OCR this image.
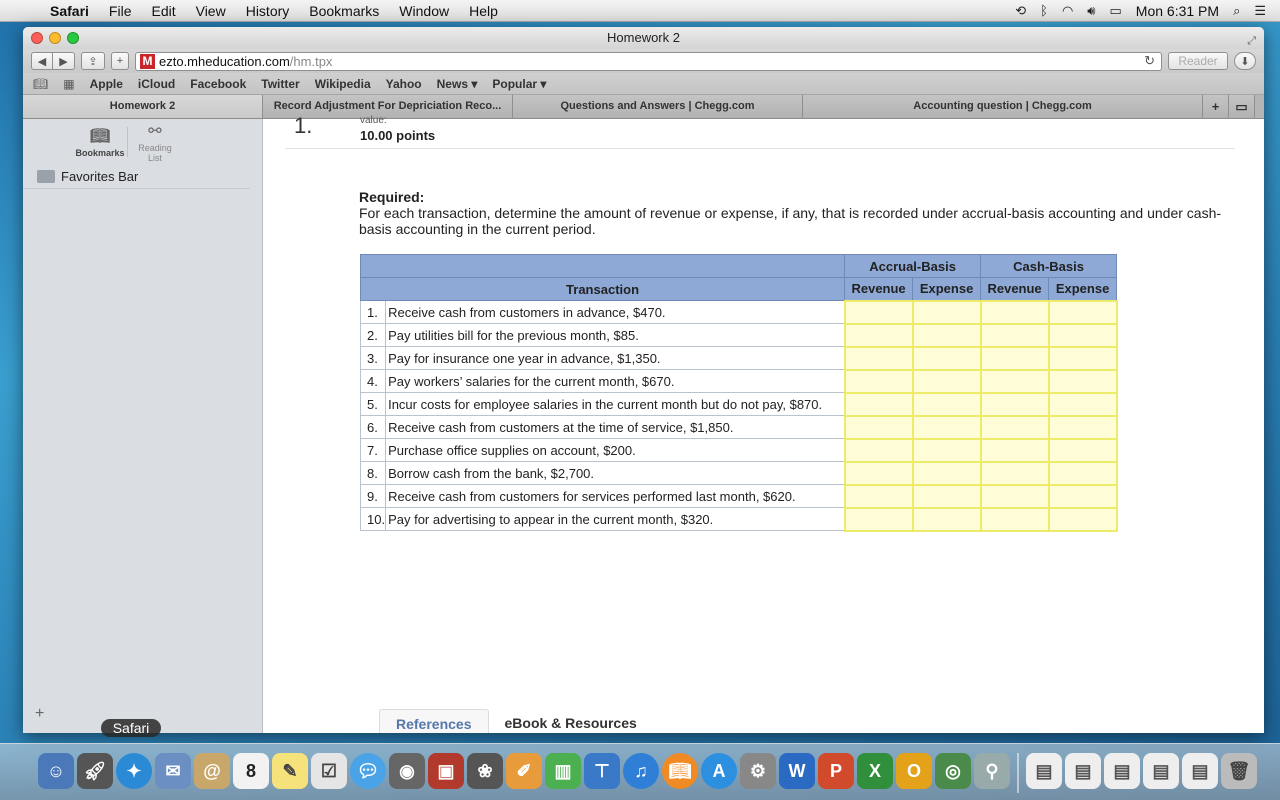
Safari	File	Edit	View	History	Bookmarks	Window	Help	⟲ ᛒ ◠ 🔊︎ ▭ Mon 6:31 PM ⌕ ☰
Homework 2	⤢
◀	▶	⇪	+	M ezto.mheducation.com /hm.tpx	↻	Reader	⬇
📖︎ ▦ Apple iCloud Facebook Twitter Wikipedia Yahoo News ▾ Popular ▾
Homework 2	Record Adjustment For Depriciation Reco...	Questions and Answers | Chegg.com	Accounting question | Chegg.com	+	▭
📖︎
Bookmarks
⚯
Reading List
Favorites Bar
+
1.	value:
10.00 points
Required:
For each transaction, determine the amount of revenue or expense, if any, that is recorded under accrual-basis accounting and under cash-basis accounting in the current period.
		Accrual-Basis		Cash-Basis	
Transaction		Revenue	Expense	Revenue	Expense
1.	Receive cash from customers in advance, $470.				
2.	Pay utilities bill for the previous month, $85.				
3.	Pay for insurance one year in advance, $1,350.				
4.	Pay workers’ salaries for the current month, $670.				
5.	Incur costs for employee salaries in the current month but do not pay, $870.				
6.	Receive cash from customers at the time of service, $1,850.				
7.	Purchase office supplies on account, $200.				
8.	Borrow cash from the bank, $2,700.				
9.	Receive cash from customers for services performed last month, $620.				
10.	Pay for advertising to appear in the current month, $320.				
References	eBook & Resources
Safari
☺	🚀︎	✦	✉	@	8	✎	☑	💬︎	◉	▣	❀	✐	▥	⊤	♫	📖︎	A	⚙	W	P	X	O	◎	⚲	▤	▤	▤	▤	▤	🗑︎
